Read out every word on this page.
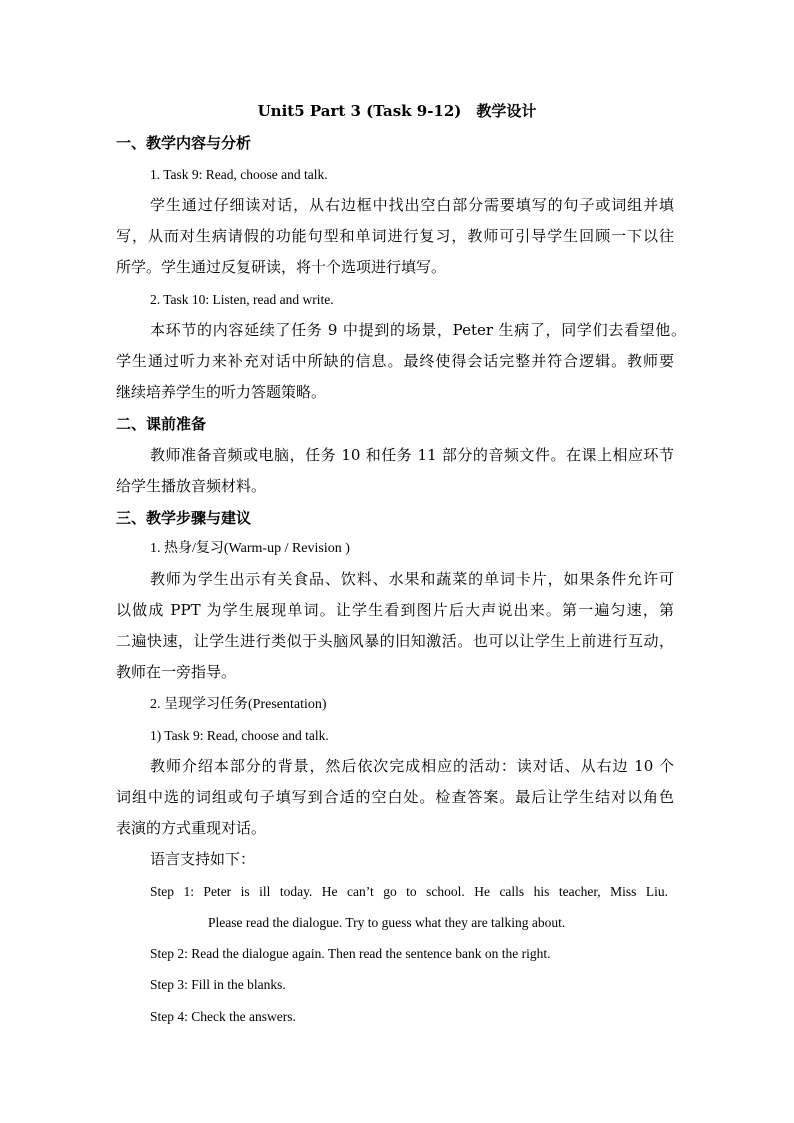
Unit5 Part 3 (Task 9-12)　教学设计
一、教学内容与分析
1. Task 9: Read, choose and talk.
学生通过仔细读对话，从右边框中找出空白部分需要填写的句子或词组并填
写，从而对生病请假的功能句型和单词进行复习，教师可引导学生回顾一下以往
所学。学生通过反复研读，将十个选项进行填写。
2. Task 10: Listen, read and write.
本环节的内容延续了任务 9 中提到的场景，Peter 生病了，同学们去看望他。
学生通过听力来补充对话中所缺的信息。最终使得会话完整并符合逻辑。教师要
继续培养学生的听力答题策略。
二、课前准备
教师准备音频或电脑，任务 10 和任务 11 部分的音频文件。在课上相应环节
给学生播放音频材料。
三、教学步骤与建议
1. 热身/复习(Warm-up / Revision )
教师为学生出示有关食品、饮料、水果和蔬菜的单词卡片，如果条件允许可
以做成 PPT 为学生展现单词。让学生看到图片后大声说出来。第一遍匀速，第
二遍快速，让学生进行类似于头脑风暴的旧知激活。也可以让学生上前进行互动，
教师在一旁指导。
2. 呈现学习任务(Presentation)
1) Task 9: Read, choose and talk.
教师介绍本部分的背景，然后依次完成相应的活动：读对话、从右边 10 个
词组中选的词组或句子填写到合适的空白处。检查答案。最后让学生结对以角色
表演的方式重现对话。
语言支持如下：
Step 1: Peter is ill today. He can’t go to school. He calls his teacher, Miss Liu.
Please read the dialogue. Try to guess what they are talking about.
Step 2: Read the dialogue again. Then read the sentence bank on the right.
Step 3: Fill in the blanks.
Step 4: Check the answers.
